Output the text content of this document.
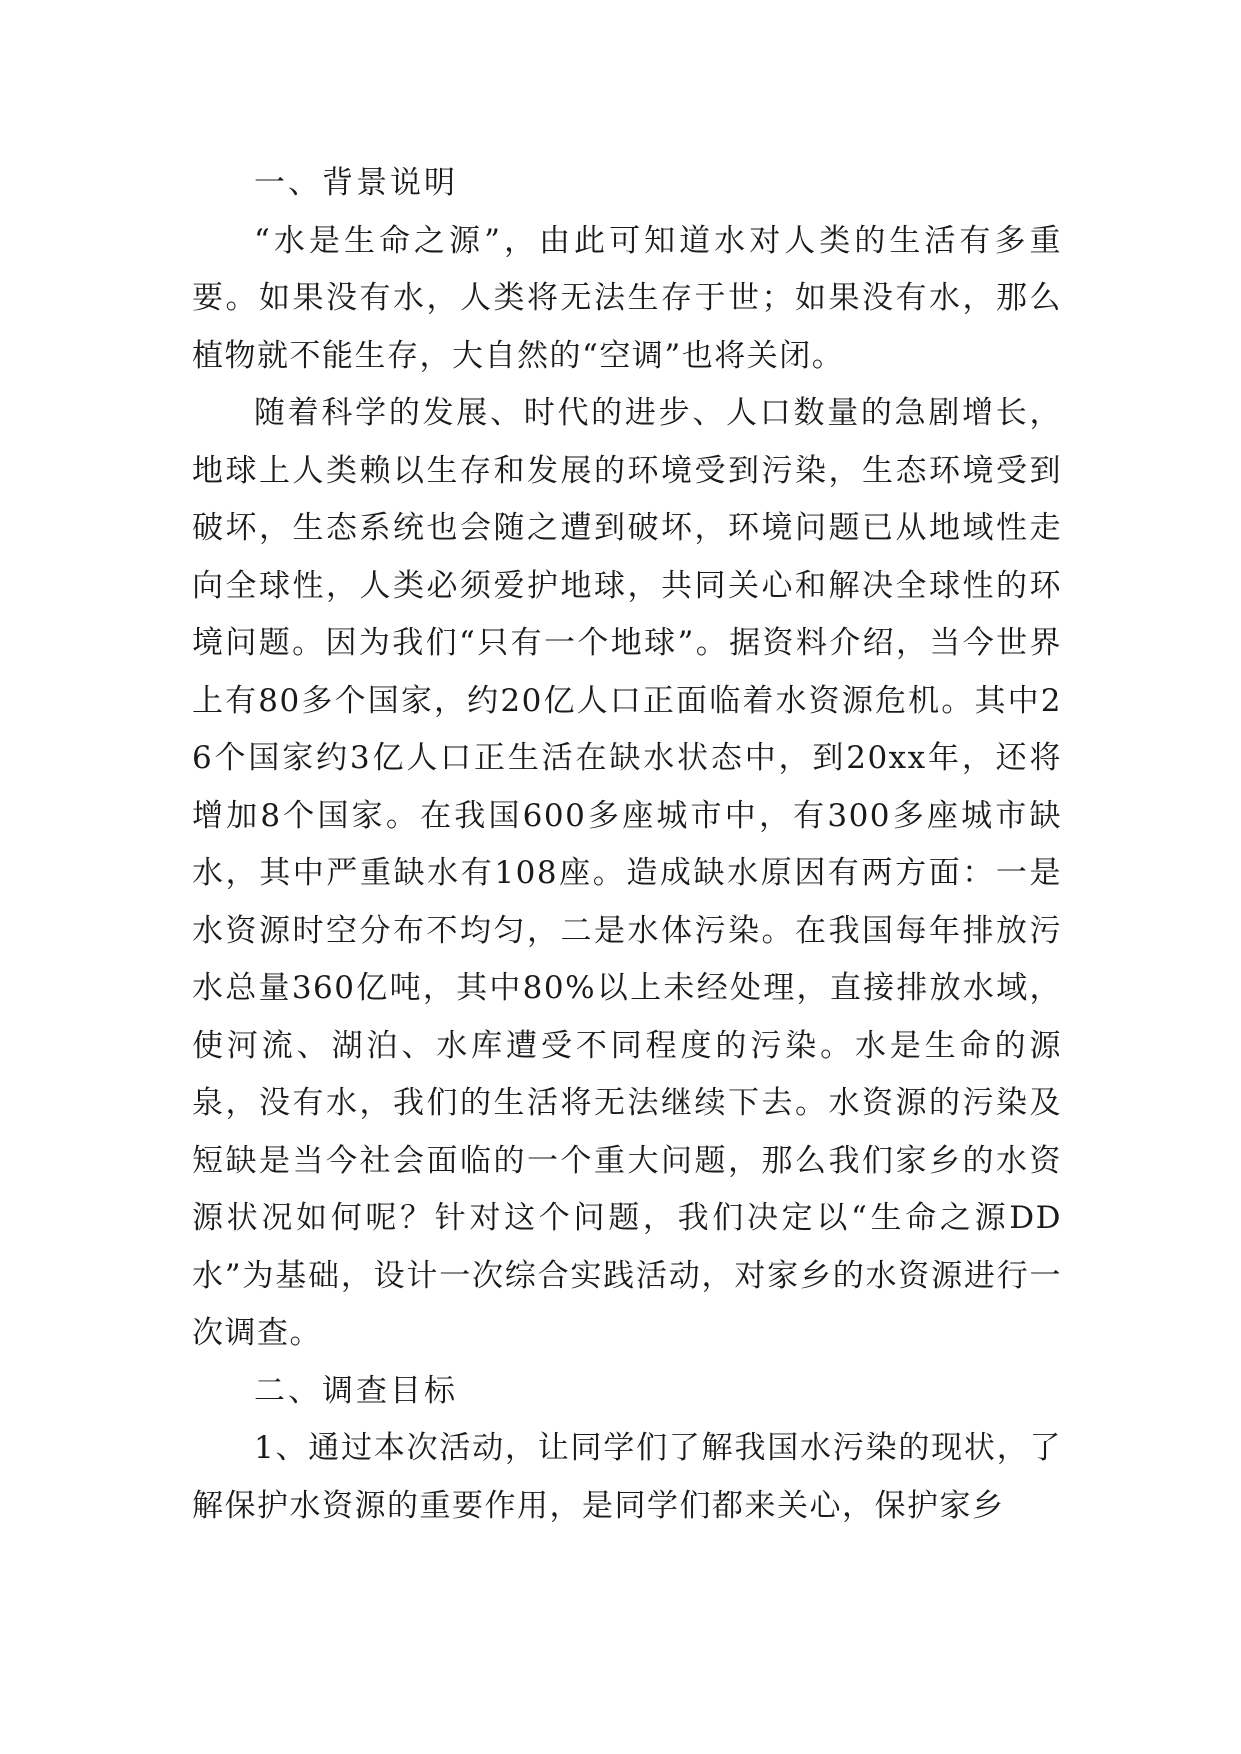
一、背景说明

“水是生命之源”，由此可知道水对人类的生活有多重要。如果没有水，人类将无法生存于世；如果没有水，那么植物就不能生存，大自然的“空调”也将关闭。

随着科学的发展、时代的进步、人口数量的急剧增长，地球上人类赖以生存和发展的环境受到污染，生态环境受到破坏，生态系统也会随之遭到破坏，环境问题已从地域性走向全球性，人类必须爱护地球，共同关心和解决全球性的环境问题。因为我们“只有一个地球”。据资料介绍，当今世界上有80多个国家，约20亿人口正面临着水资源危机。其中26个国家约3亿人口正生活在缺水状态中，到20xx年，还将增加8个国家。在我国600多座城市中，有300多座城市缺水，其中严重缺水有108座。造成缺水原因有两方面：一是水资源时空分布不均匀，二是水体污染。在我国每年排放污水总量360亿吨，其中80%以上未经处理，直接排放水域，使河流、湖泊、水库遭受不同程度的污染。水是生命的源泉，没有水，我们的生活将无法继续下去。水资源的污染及短缺是当今社会面临的一个重大问题，那么我们家乡的水资源状况如何呢？针对这个问题，我们决定以“生命之源DD水”为基础，设计一次综合实践活动，对家乡的水资源进行一次调查。

二、调查目标

1、通过本次活动，让同学们了解我国水污染的现状，了解保护水资源的重要作用，是同学们都来关心，保护家乡
